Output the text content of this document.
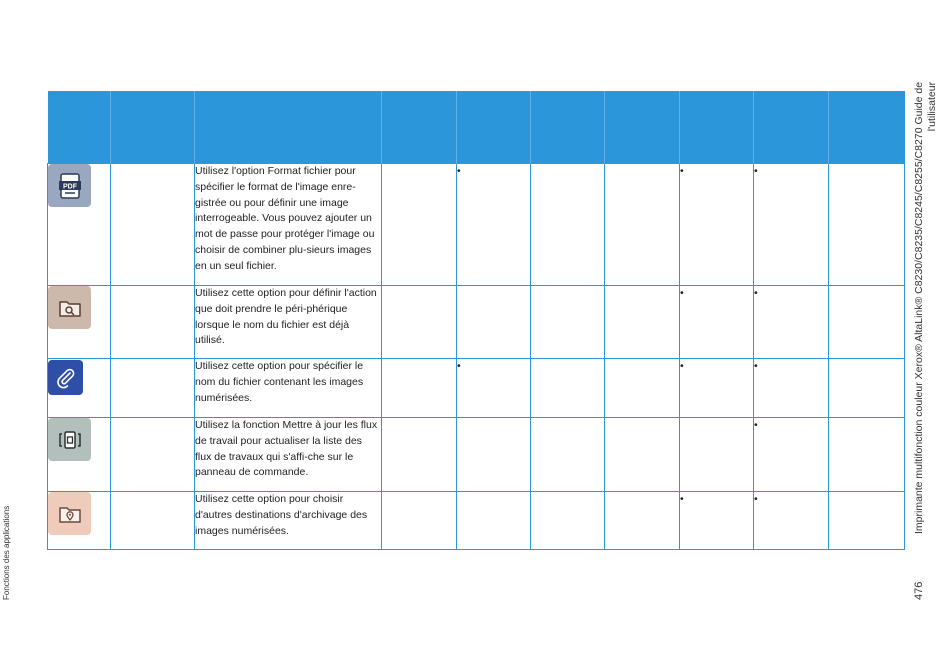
PDF		Utilisez l'option Format fichier pour spécifier le format de l'image enre-gistrée ou pour définir une image interrogeable. Vous pouvez ajouter un mot de passe pour protéger l'image ou choisir de combiner plu-sieurs images en un seul fichier.		•			•	•	

		Utilisez cette option pour définir l'action que doit prendre le péri-phérique lorsque le nom du fichier est déjà utilisé.					•	•	

		Utilisez cette option pour spécifier le nom du fichier contenant les images numérisées.		•			•	•	

		Utilisez la fonction Mettre à jour les flux de travail pour actualiser la liste des flux de travaux qui s'affi-che sur le panneau de commande.						•	

		Utilisez cette option pour choisir d'autres destinations d'archivage des images numérisées.					•	•	
Fonctions des applications
Imprimante multifonction couleur Xerox® AltaLink® C8230/C8235/C8245/C8255/C8270 Guide de l'utilisateur
476
